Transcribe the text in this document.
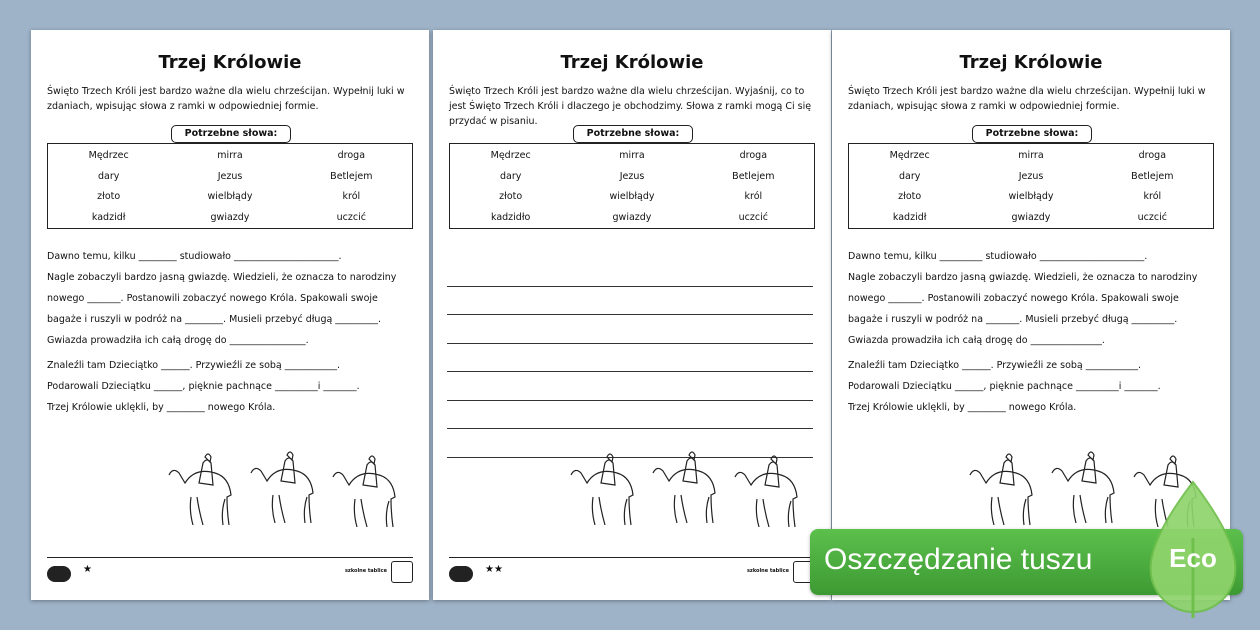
Trzej Królowie
Święto Trzech Króli jest bardzo ważne dla wielu chrześcijan. Wypełnij luki w zdaniach, wpisując słowa z ramki w odpowiedniej formie.
Potrzebne słowa:
Mędrzec	mirra	droga
dary	Jezus	Betlejem
złoto	wielbłądy	król
kadzidł	gwiazdy	uczcić
Dawno temu, kilku ________ studiowało ______________________.
Nagle zobaczyli bardzo jasną gwiazdę. Wiedzieli, że oznacza to narodziny
nowego _______. Postanowili zobaczyć nowego Króla. Spakowali swoje
bagaże i ruszyli w podróż na ________. Musieli przebyć długą _________.
Gwiazda prowadziła ich całą drogę do ________________.
Znaleźli tam Dzieciątko ______. Przywieźli ze sobą ___________.
Podarowali Dzieciątku ______, pięknie pachnące _________i _______.
Trzej Królowie uklękli, by ________ nowego Króla.
★	szkolne tablice
Trzej Królowie
Święto Trzech Króli jest bardzo ważne dla wielu chrześcijan. Wyjaśnij, co to jest Święto Trzech Króli i dlaczego je obchodzimy. Słowa z ramki mogą Ci się przydać w pisaniu.
Potrzebne słowa:
Mędrzec	mirra	droga
dary	Jezus	Betlejem
złoto	wielbłądy	król
kadzidło	gwiazdy	uczcić
★★	szkolne tablice
Trzej Królowie
Święto Trzech Króli jest bardzo ważne dla wielu chrześcijan. Wypełnij luki w zdaniach, wpisując słowa z ramki w odpowiedniej formie.
Potrzebne słowa:
Mędrzec	mirra	droga
dary	Jezus	Betlejem
złoto	wielbłądy	król
kadzidł	gwiazdy	uczcić
Dawno temu, kilku _________ studiowało ______________________.
Nagle zobaczyli bardzo jasną gwiazdę. Wiedzieli, że oznacza to narodziny
nowego _______. Postanowili zobaczyć nowego Króla. Spakowali swoje
bagaże i ruszyli w podróż na _______. Musieli przebyć długą _________.
Gwiazda prowadziła ich całą drogę do _______________.
Znaleźli tam Dzieciątko ______. Przywieźli ze sobą ___________.
Podarowali Dzieciątku ______, pięknie pachnące _________i _______.
Trzej Królowie uklękli, by ________ nowego Króla.
Oszczędzanie tuszu	Eco
